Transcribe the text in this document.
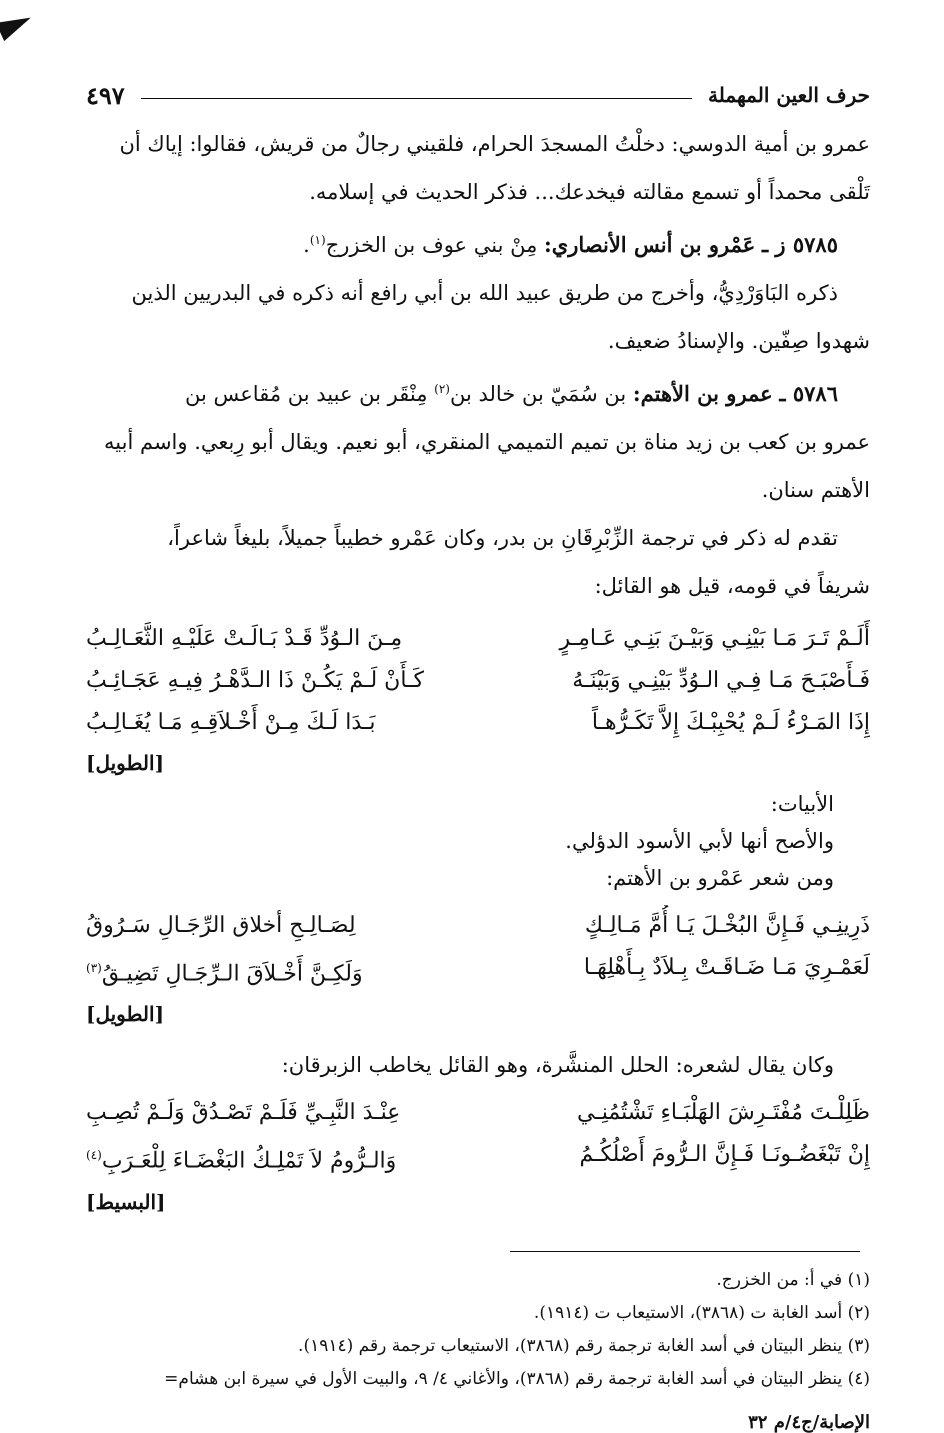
حرف العين المهملة
٤٩٧

عمرو بن أمية الدوسي: دخلْتُ المسجدَ الحرام، فلقيني رجالٌ من قريش، فقالوا: إياك أن
تَلْقى محمداً أو تسمع مقالته فيخدعك... فذكر الحديث في إسلامه.

٥٧٨٥ ز ـ عَمْرو بن أنس الأنصاري: مِنْ بني عوف بن الخزرج$^{(١)}$.

ذكره البَاوَرْدِيُّ، وأخرج من طريق عبيد الله بن أبي رافع أنه ذكره في البدريين الذين
شهدوا صِفّين. والإسنادُ ضعيف.

٥٧٨٦ ـ عمرو بن الأهتم: بن سُمَيّ بن خالد بن$^{(٢)}$ مِنْقَر بن عبيد بن مُقاعس بن
عمرو بن كعب بن زيد مناة بن تميم التميمي المنقري، أبو نعيم. ويقال أبو رِبعي. واسم أبيه
الأهتم سنان.

تقدم له ذكر في ترجمة الزِّبْرِقَانِ بن بدر، وكان عَمْرو خطيباً جميلاً، بليغاً شاعراً،
شريفاً في قومه، قيل هو القائل:

أَلَـمْ تَـرَ مَـا بَيْنِـي وَبَيْـنَ بَنِـي عَـامِـرٍ
مِـنَ الـوُدِّ قَـدْ بَـالَـتْ عَلَيْـهِ الثَّعَـالِـبُ
فَـأَصْبَـحَ مَـا فِـي الـوُدِّ بَيْنِـي وَبَيْنَـهُ
كَـأَنْ لَـمْ يَكُـنْ ذَا الـدَّهْـرُ فِيـهِ عَجَـائِـبُ
إِذَا المَـرْءُ لَـمْ يُحْبِبْـكَ إِلاَّ تَكَـرُّهـاً
بَـدَا لَـكَ مِـنْ أَخْـلاَقِـهِ مَـا يُغَـالِـبُ
[الطويل]
الأبيات:
والأصح أنها لأبي الأسود الدؤلي.
ومن شعر عَمْرو بن الأهتم:
ذَرِينِـي فَـإِنَّ البُخْـلَ يَـا أُمَّ مَـالِـكٍ
لِصَـالِـحِ أخلاق الرِّجَـالِ سَـرُوقُ
لَعَمْـرِيَ مَـا ضَـاقَـتْ بِـلاَدٌ بِـأَهْلِهَـا
وَلَكِـنَّ أَخْـلاَقَ الـرِّجَـالِ تَضِيـقُ$^{(٣)}$
[الطويل]
وكان يقال لشعره: الحلل المنشَّرة، وهو القائل يخاطب الزبرقان:
ظَلِلْـتَ مُفْتَـرِشَ الهَلْبَـاءِ تَشْتُمُنِـي
عِنْـدَ النَّبِـيِّ فَلَـمْ تَصْـدُقْ وَلَـمْ تُصِـبِ
إِنْ تَبْغَضُـونَـا فَـإِنَّ الـرُّومَ أَصْلُكُـمُ
وَالـرُّومُ لاَ تَمْلِـكُ البَغْضَـاءَ لِلْعَـرَبِ$^{(٤)}$
[البسيط]
(١) في أ: من الخزرج.
(٢) أسد الغابة ت (٣٨٦٨)، الاستيعاب ت (١٩١٤).
(٣) ينظر البيتان في أسد الغابة ترجمة رقم (٣٨٦٨)، الاستيعاب ترجمة رقم (١٩١٤).
(٤) ينظر البيتان في أسد الغابة ترجمة رقم (٣٨٦٨)، والأغاني ٤/ ٩، والبيت الأول في سيرة ابن هشام=
الإصابة/ج٤/م ٣٢
